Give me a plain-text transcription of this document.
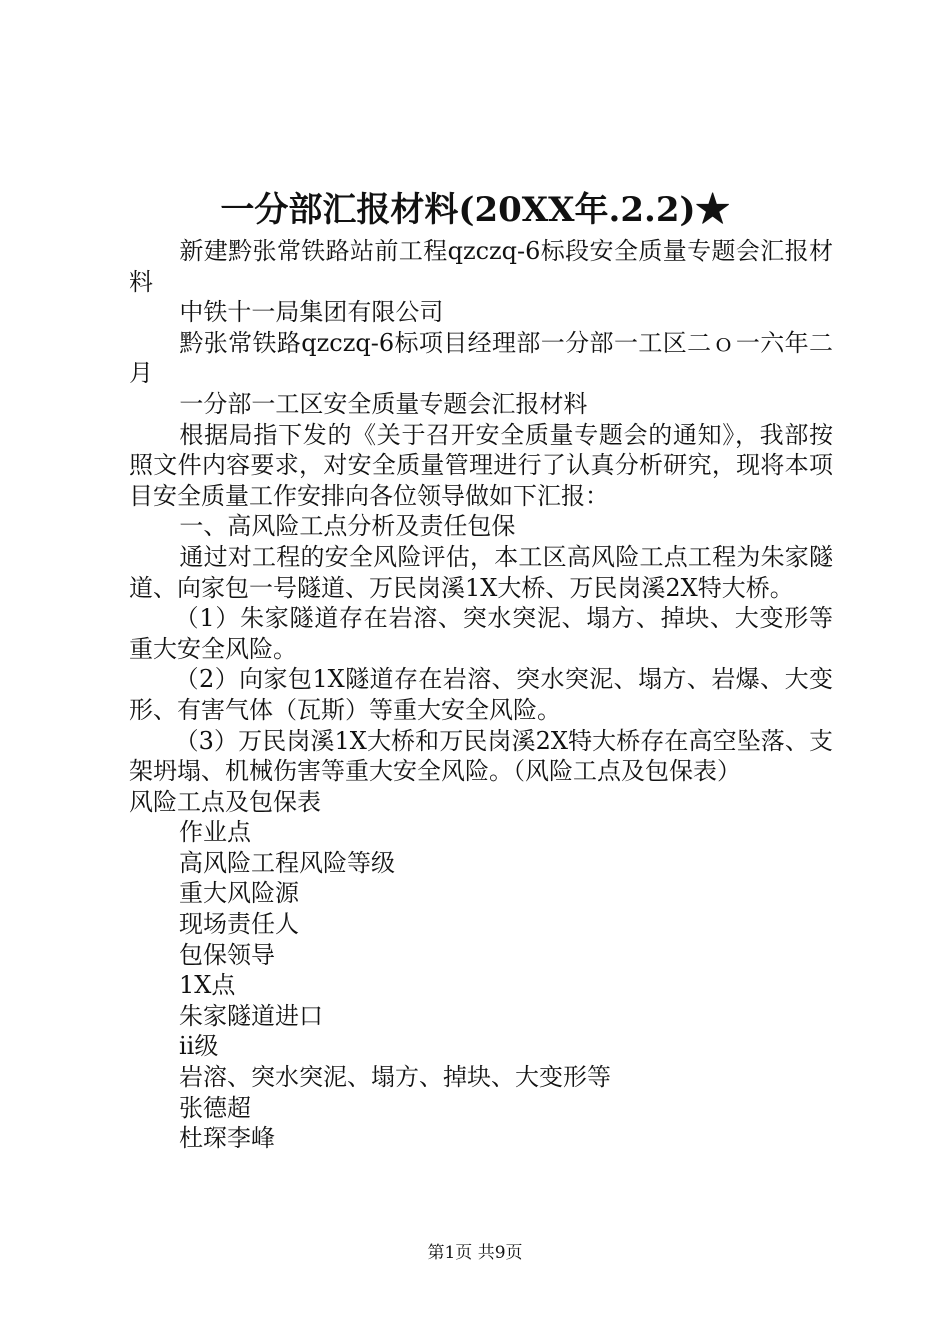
一分部汇报材料(20XX年.2.2)★

新建黔张常铁路站前工程qzczq-6标段安全质量专题会汇报材料

中铁十一局集团有限公司

黔张常铁路qzczq-6标项目经理部一分部一工区二ｏ一六年二月

一分部一工区安全质量专题会汇报材料

根据局指下发的《关于召开安全质量专题会的通知》，我部按照文件内容要求，对安全质量管理进行了认真分析研究，现将本项目安全质量工作安排向各位领导做如下汇报：

一、高风险工点分析及责任包保

通过对工程的安全风险评估，本工区高风险工点工程为朱家隧道、向家包一号隧道、万民岗溪1X大桥、万民岗溪2X特大桥。

（1）朱家隧道存在岩溶、突水突泥、塌方、掉块、大变形等重大安全风险。

（2）向家包1X隧道存在岩溶、突水突泥、塌方、岩爆、大变形、有害气体（瓦斯）等重大安全风险。

（3）万民岗溪1X大桥和万民岗溪2X特大桥存在高空坠落、支架坍塌、机械伤害等重大安全风险。（风险工点及包保表）

风险工点及包保表

作业点

高风险工程风险等级

重大风险源

现场责任人

包保领导

1X点

朱家隧道进口

ii级

岩溶、突水突泥、塌方、掉块、大变形等

张德超

杜琛李峰

第1页 共9页
